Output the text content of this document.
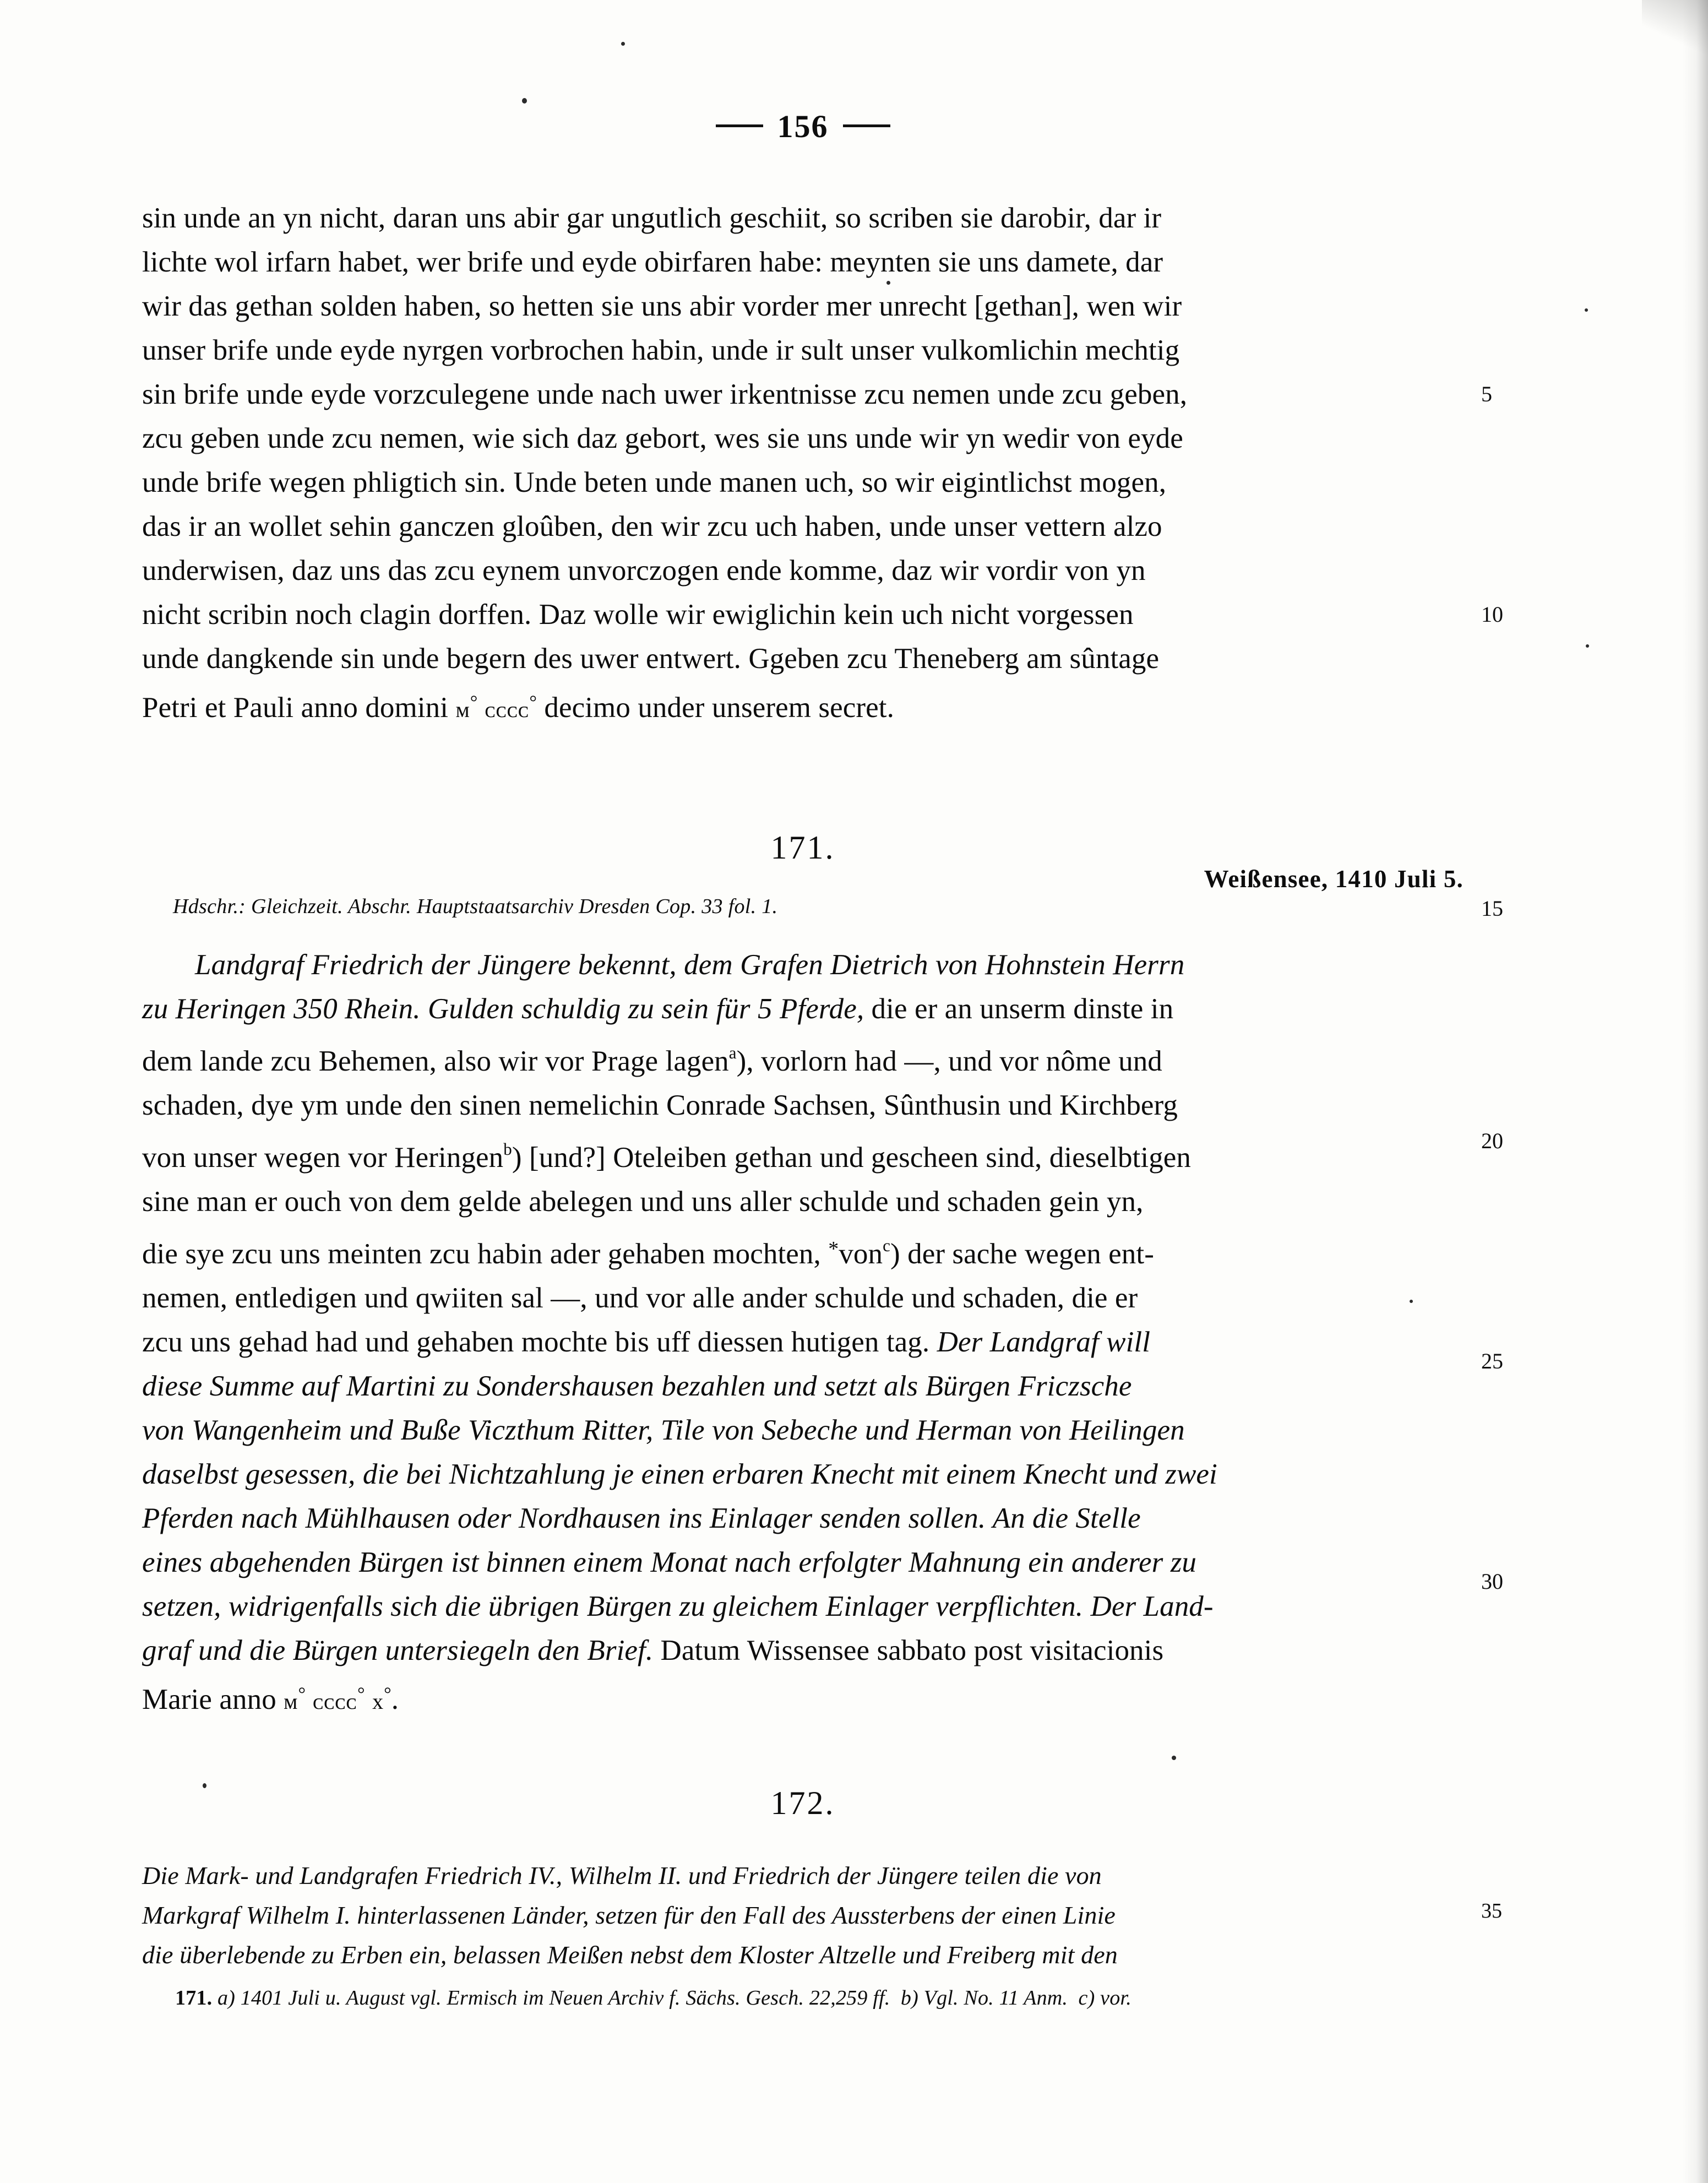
156
sin unde an yn nicht, daran uns abir gar ungutlich geschiit, so scriben sie darobir, dar ir
lichte wol irfarn habet, wer brife und eyde obirfaren habe: meynten sie uns damete, dar
wir das gethan solden haben, so hetten sie uns abir vorder mer unrecht [gethan], wen wir
unser brife unde eyde nyrgen vorbrochen habin, unde ir sult unser vulkomlichin mechtig
sin brife unde eyde vorzculegene unde nach uwer irkentnisse zcu nemen unde zcu geben,
zcu geben unde zcu nemen, wie sich daz gebort, wes sie uns unde wir yn wedir von eyde
unde brife wegen phligtich sin. Unde beten unde manen uch, so wir eigintlichst mogen,
das ir an wollet sehin ganczen gloûben, den wir zcu uch haben, unde unser vettern alzo
underwisen, daz uns das zcu eynem unvorczogen ende komme, daz wir vordir von yn
nicht scribin noch clagin dorffen. Daz wolle wir ewiglichin kein uch nicht vorgessen
unde dangkende sin unde begern des uwer entwert. Ggeben zcu Theneberg am sûntage
Petri et Pauli anno domini ᴍ° ᴄᴄᴄᴄ° decimo under unserem secret.
5
10
171.
Weißensee, 1410 Juli 5.
15
Hdschr.: Gleichzeit. Abschr. Hauptstaatsarchiv Dresden Cop. 33 fol. 1.
Landgraf Friedrich der Jüngere bekennt, dem Grafen Dietrich von Hohnstein Herrn
zu Heringen 350 Rhein. Gulden schuldig zu sein für 5 Pferde, die er an unserm dinste in
dem lande zcu Behemen, also wir vor Prage lagen$^a$), vorlorn had —, und vor nôme und
schaden, dye ym unde den sinen nemelichin Conrade Sachsen, Sûnthusin und Kirchberg
von unser wegen vor Heringen$^b$) [und?] Oteleiben gethan und gescheen sind, dieselbtigen
sine man er ouch von dem gelde abelegen und uns aller schulde und schaden gein yn,
die sye zcu uns meinten zcu habin ader gehaben mochten, *von$^c$) der sache wegen ent-
nemen, entledigen und qwiiten sal —, und vor alle ander schulde und schaden, die er
zcu uns gehad had und gehaben mochte bis uff diessen hutigen tag. Der Landgraf will
diese Summe auf Martini zu Sondershausen bezahlen und setzt als Bürgen Friczsche
von Wangenheim und Buße Viczthum Ritter, Tile von Sebeche und Herman von Heilingen
daselbst gesessen, die bei Nichtzahlung je einen erbaren Knecht mit einem Knecht und zwei
Pferden nach Mühlhausen oder Nordhausen ins Einlager senden sollen. An die Stelle
eines abgehenden Bürgen ist binnen einem Monat nach erfolgter Mahnung ein anderer zu
setzen, widrigenfalls sich die übrigen Bürgen zu gleichem Einlager verpflichten. Der Land-
graf und die Bürgen untersiegeln den Brief. Datum Wissensee sabbato post visitacionis
Marie anno ᴍ° ᴄᴄᴄᴄ° x°.
20
25
30
172.
Die Mark- und Landgrafen Friedrich IV., Wilhelm II. und Friedrich der Jüngere teilen die von
Markgraf Wilhelm I. hinterlassenen Länder, setzen für den Fall des Aussterbens der einen Linie
die überlebende zu Erben ein, belassen Meißen nebst dem Kloster Altzelle und Freiberg mit den
35
171. a) 1401 Juli u. August vgl. Ermisch im Neuen Archiv f. Sächs. Gesch. 22,259 ff. b) Vgl. No. 11 Anm. c) vor.
